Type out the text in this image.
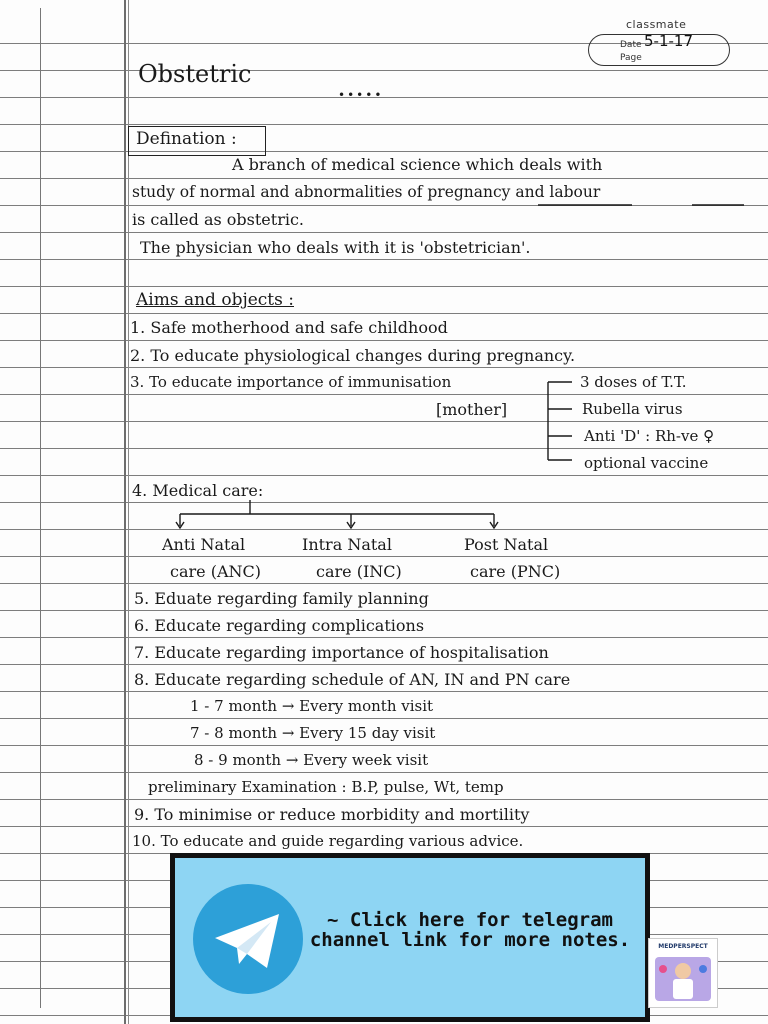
classmate
Date 5-1-17
Page
Obstetric
•••••
Defination :
A branch of medical science which deals with
study of normal and abnormalities of pregnancy and labour
is called as obstetric.
The physician who deals with it is 'obstetrician'.
Aims and objects :
1. Safe motherhood and safe childhood
2. To educate physiological changes during pregnancy.
3. To educate importance of immunisation
[mother]
3 doses of T.T.
Rubella virus
Anti 'D' : Rh-ve ♀
optional vaccine
4. Medical care:
Anti Natal
care (ANC)
Intra Natal
care (INC)
Post Natal
care (PNC)
5. Eduate regarding family planning
6. Educate regarding complications
7. Educate regarding importance of hospitalisation
8. Educate regarding schedule of AN, IN and PN care
1 - 7 month → Every month visit
7 - 8 month → Every 15 day visit
8 - 9 month → Every week visit
preliminary Examination : B.P, pulse, Wt, temp
9. To minimise or reduce morbidity and mortility
10. To educate and guide regarding various advice.
~ Click here for telegram channel link for more notes.	MEDPERSPECT
